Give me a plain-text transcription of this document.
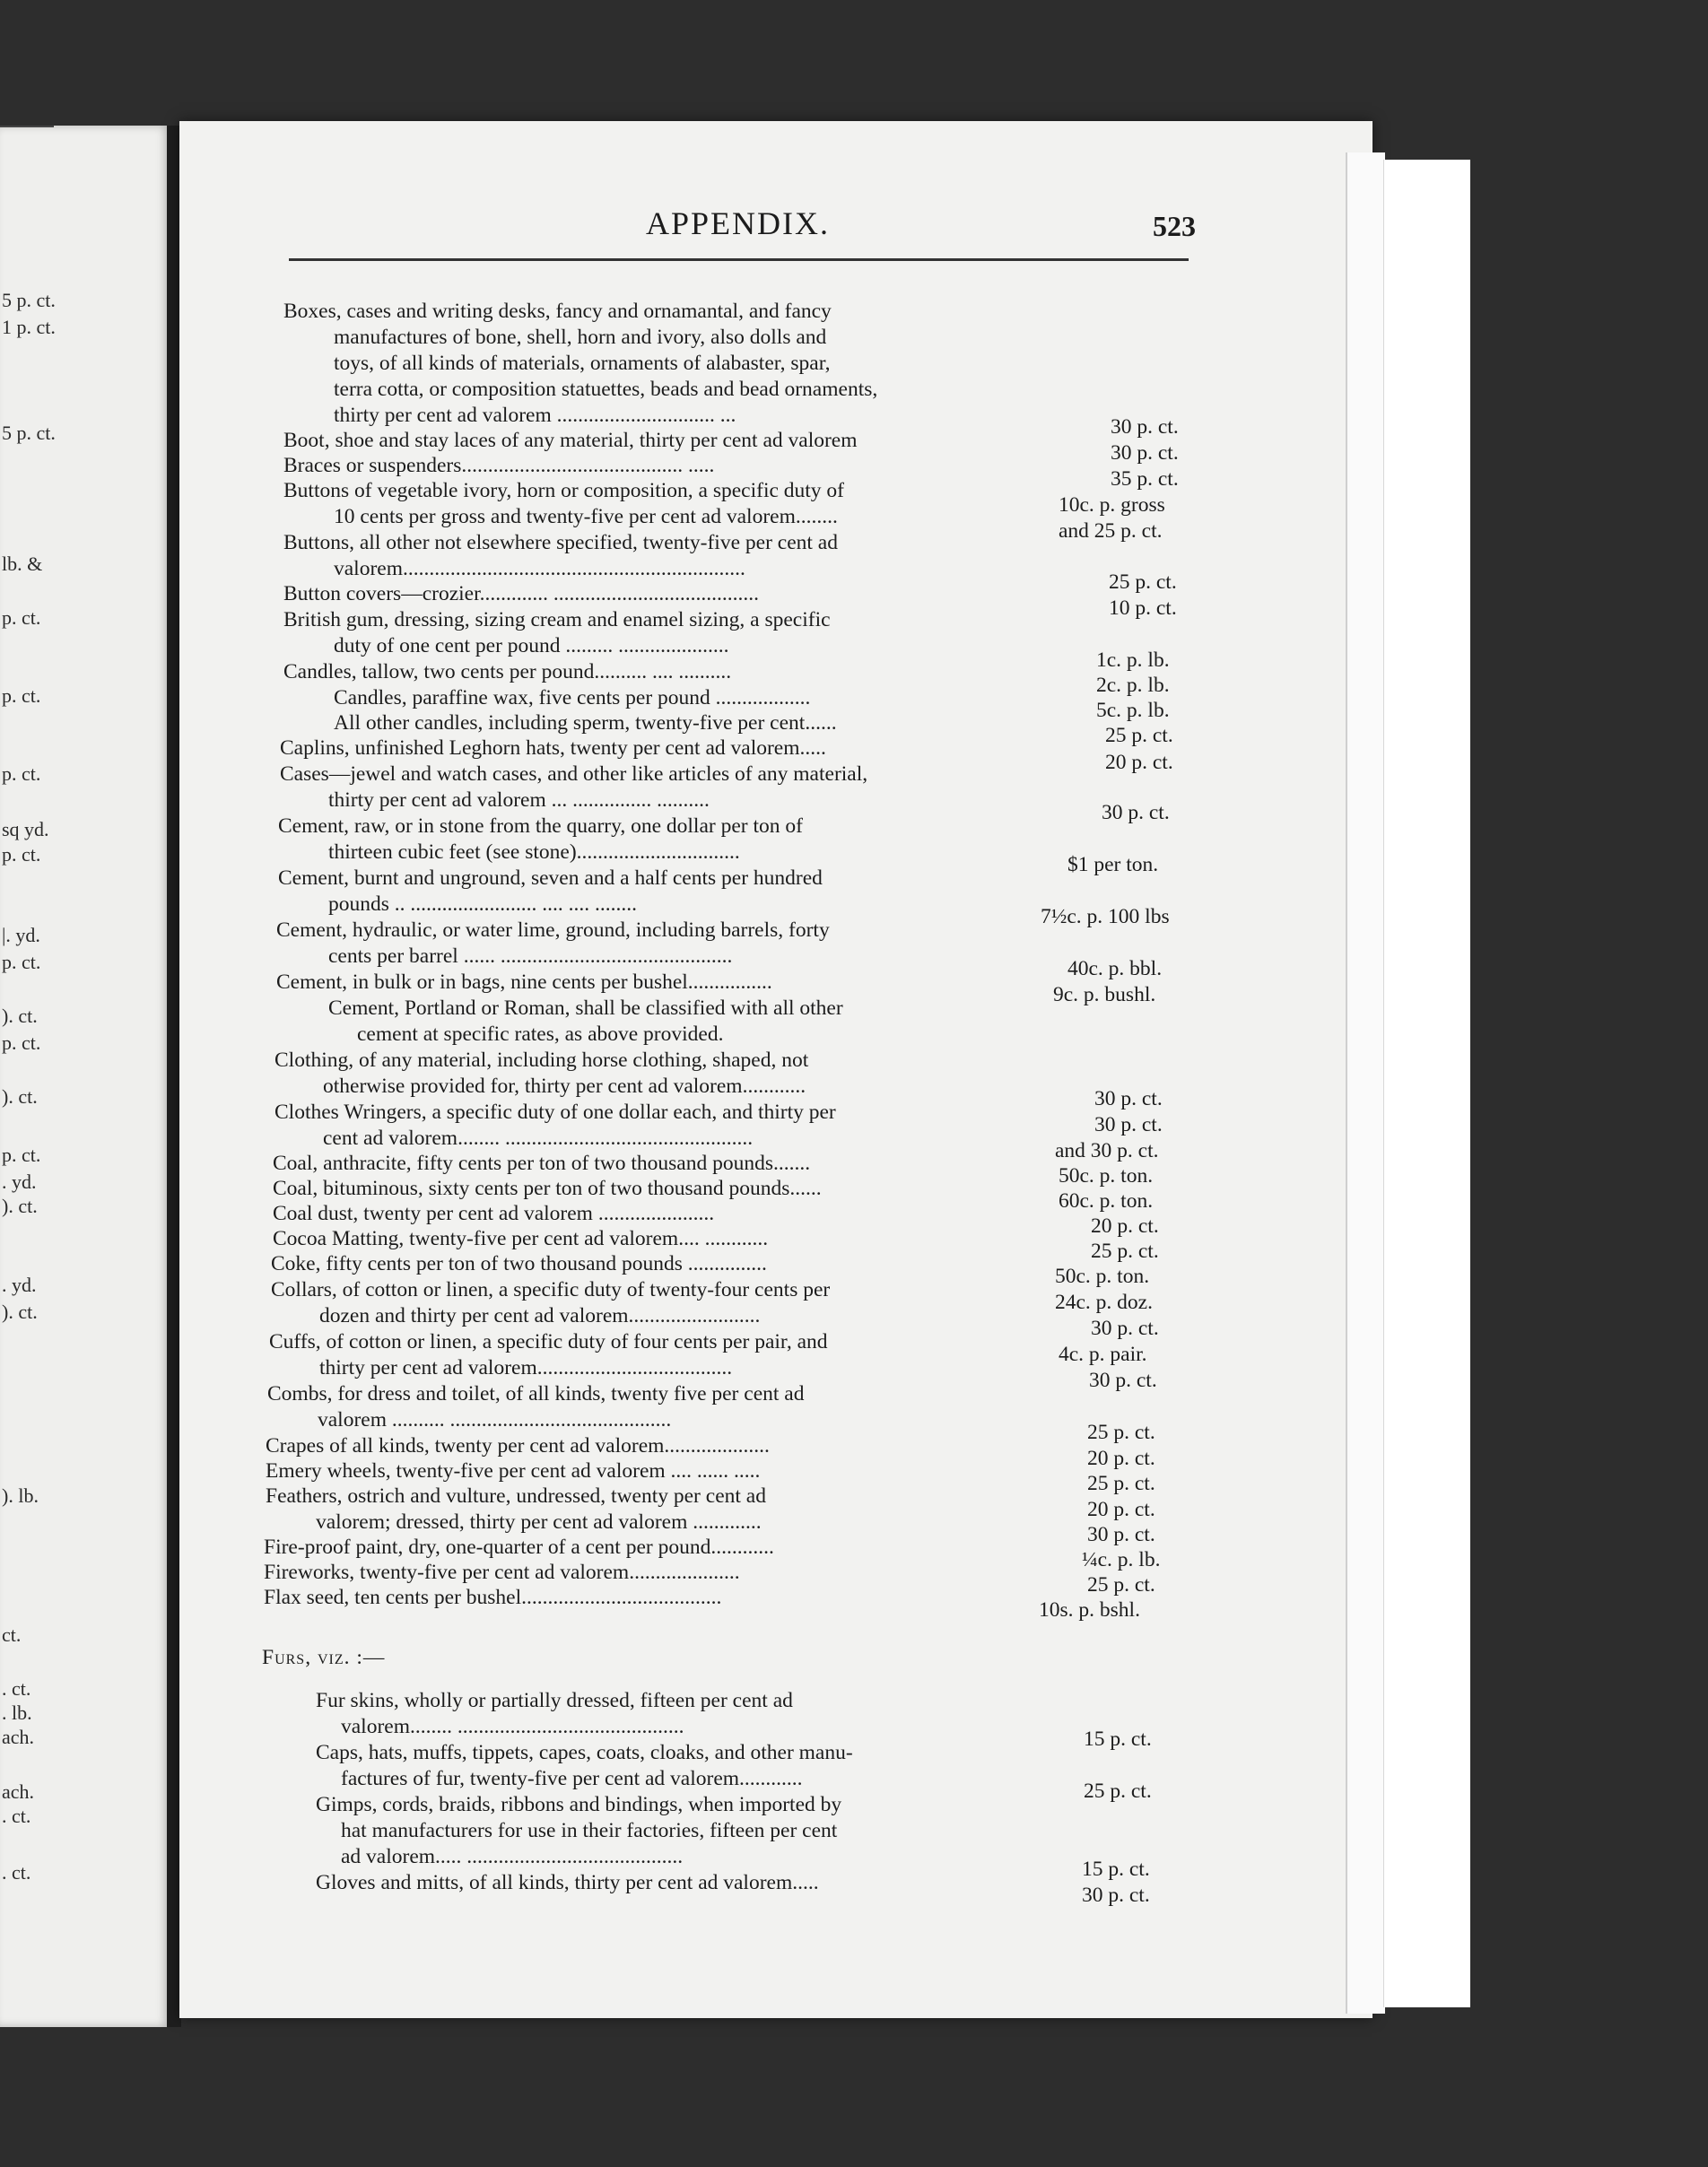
5 p. ct.
1 p. ct.
5 p. ct.
lb. &
p. ct.
p. ct.
p. ct.
sq yd.
p. ct.
|. yd.
p. ct.
). ct.
p. ct.
). ct.
p. ct.
. yd.
). ct.
. yd.
). ct.
). lb.
ct.
. ct.
. lb.
ach.
ach.
. ct.
. ct.
APPENDIX.	523
Boxes, cases and writing desks, fancy and ornamantal, and fancy
manufactures of bone, shell, horn and ivory, also dolls and
toys, of all kinds of materials, ornaments of alabaster, spar,
terra cotta, or composition statuettes, beads and bead ornaments,
thirty per cent ad valorem .............................. ...
Boot, shoe and stay laces of any material, thirty per cent ad valorem
Braces or suspenders.......................................... .....
Buttons of vegetable ivory, horn or composition, a specific duty of
10 cents per gross and twenty-five per cent ad valorem........
Buttons, all other not elsewhere specified, twenty-five per cent ad
valorem.................................................................
Button covers—crozier............. .......................................
British gum, dressing, sizing cream and enamel sizing, a specific
duty of one cent per pound ......... .....................
Candles, tallow, two cents per pound.......... .... ..........
Candles, paraffine wax, five cents per pound ..................
All other candles, including sperm, twenty-five per cent......
Caplins, unfinished Leghorn hats, twenty per cent ad valorem.....
Cases—jewel and watch cases, and other like articles of any material,
thirty per cent ad valorem ... ............... ..........
Cement, raw, or in stone from the quarry, one dollar per ton of
thirteen cubic feet (see stone)...............................
Cement, burnt and unground, seven and a half cents per hundred
pounds .. ........................ .... .... ........
Cement, hydraulic, or water lime, ground, including barrels, forty
cents per barrel ...... ............................................
Cement, in bulk or in bags, nine cents per bushel................
Cement, Portland or Roman, shall be classified with all other
cement at specific rates, as above provided.
Clothing, of any material, including horse clothing, shaped, not
otherwise provided for, thirty per cent ad valorem............
Clothes Wringers, a specific duty of one dollar each, and thirty per
cent ad valorem........ ...............................................
Coal, anthracite, fifty cents per ton of two thousand pounds.......
Coal, bituminous, sixty cents per ton of two thousand pounds......
Coal dust, twenty per cent ad valorem ......................
Cocoa Matting, twenty-five per cent ad valorem.... ............
Coke, fifty cents per ton of two thousand pounds ...............
Collars, of cotton or linen, a specific duty of twenty-four cents per
dozen and thirty per cent ad valorem.........................
Cuffs, of cotton or linen, a specific duty of four cents per pair, and
thirty per cent ad valorem.....................................
Combs, for dress and toilet, of all kinds, twenty five per cent ad
valorem .......... ..........................................
Crapes of all kinds, twenty per cent ad valorem....................
Emery wheels, twenty-five per cent ad valorem .... ...... .....
Feathers, ostrich and vulture, undressed, twenty per cent ad
valorem; dressed, thirty per cent ad valorem .............
Fire-proof paint, dry, one-quarter of a cent per pound............
Fireworks, twenty-five per cent ad valorem.....................
Flax seed, ten cents per bushel......................................
Furs, viz. :—
Fur skins, wholly or partially dressed, fifteen per cent ad
valorem........ ...........................................
Caps, hats, muffs, tippets, capes, coats, cloaks, and other manu-
factures of fur, twenty-five per cent ad valorem............
Gimps, cords, braids, ribbons and bindings, when imported by
hat manufacturers for use in their factories, fifteen per cent
ad valorem..... .........................................
Gloves and mitts, of all kinds, thirty per cent ad valorem.....
30 p. ct.
30 p. ct.
35 p. ct.
10c. p. gross
and 25 p. ct.
25 p. ct.
10 p. ct.
1c. p. lb.
2c. p. lb.
5c. p. lb.
25 p. ct.
20 p. ct.
30 p. ct.
$1 per ton.
7½c. p. 100 lbs
40c. p. bbl.
9c. p. bushl.
30 p. ct.
30 p. ct.
and 30 p. ct.
50c. p. ton.
60c. p. ton.
20 p. ct.
25 p. ct.
50c. p. ton.
24c. p. doz.
30 p. ct.
4c. p. pair.
30 p. ct.
25 p. ct.
20 p. ct.
25 p. ct.
20 p. ct.
30 p. ct.
¼c. p. lb.
25 p. ct.
10s. p. bshl.
15 p. ct.
25 p. ct.
15 p. ct.
30 p. ct.
